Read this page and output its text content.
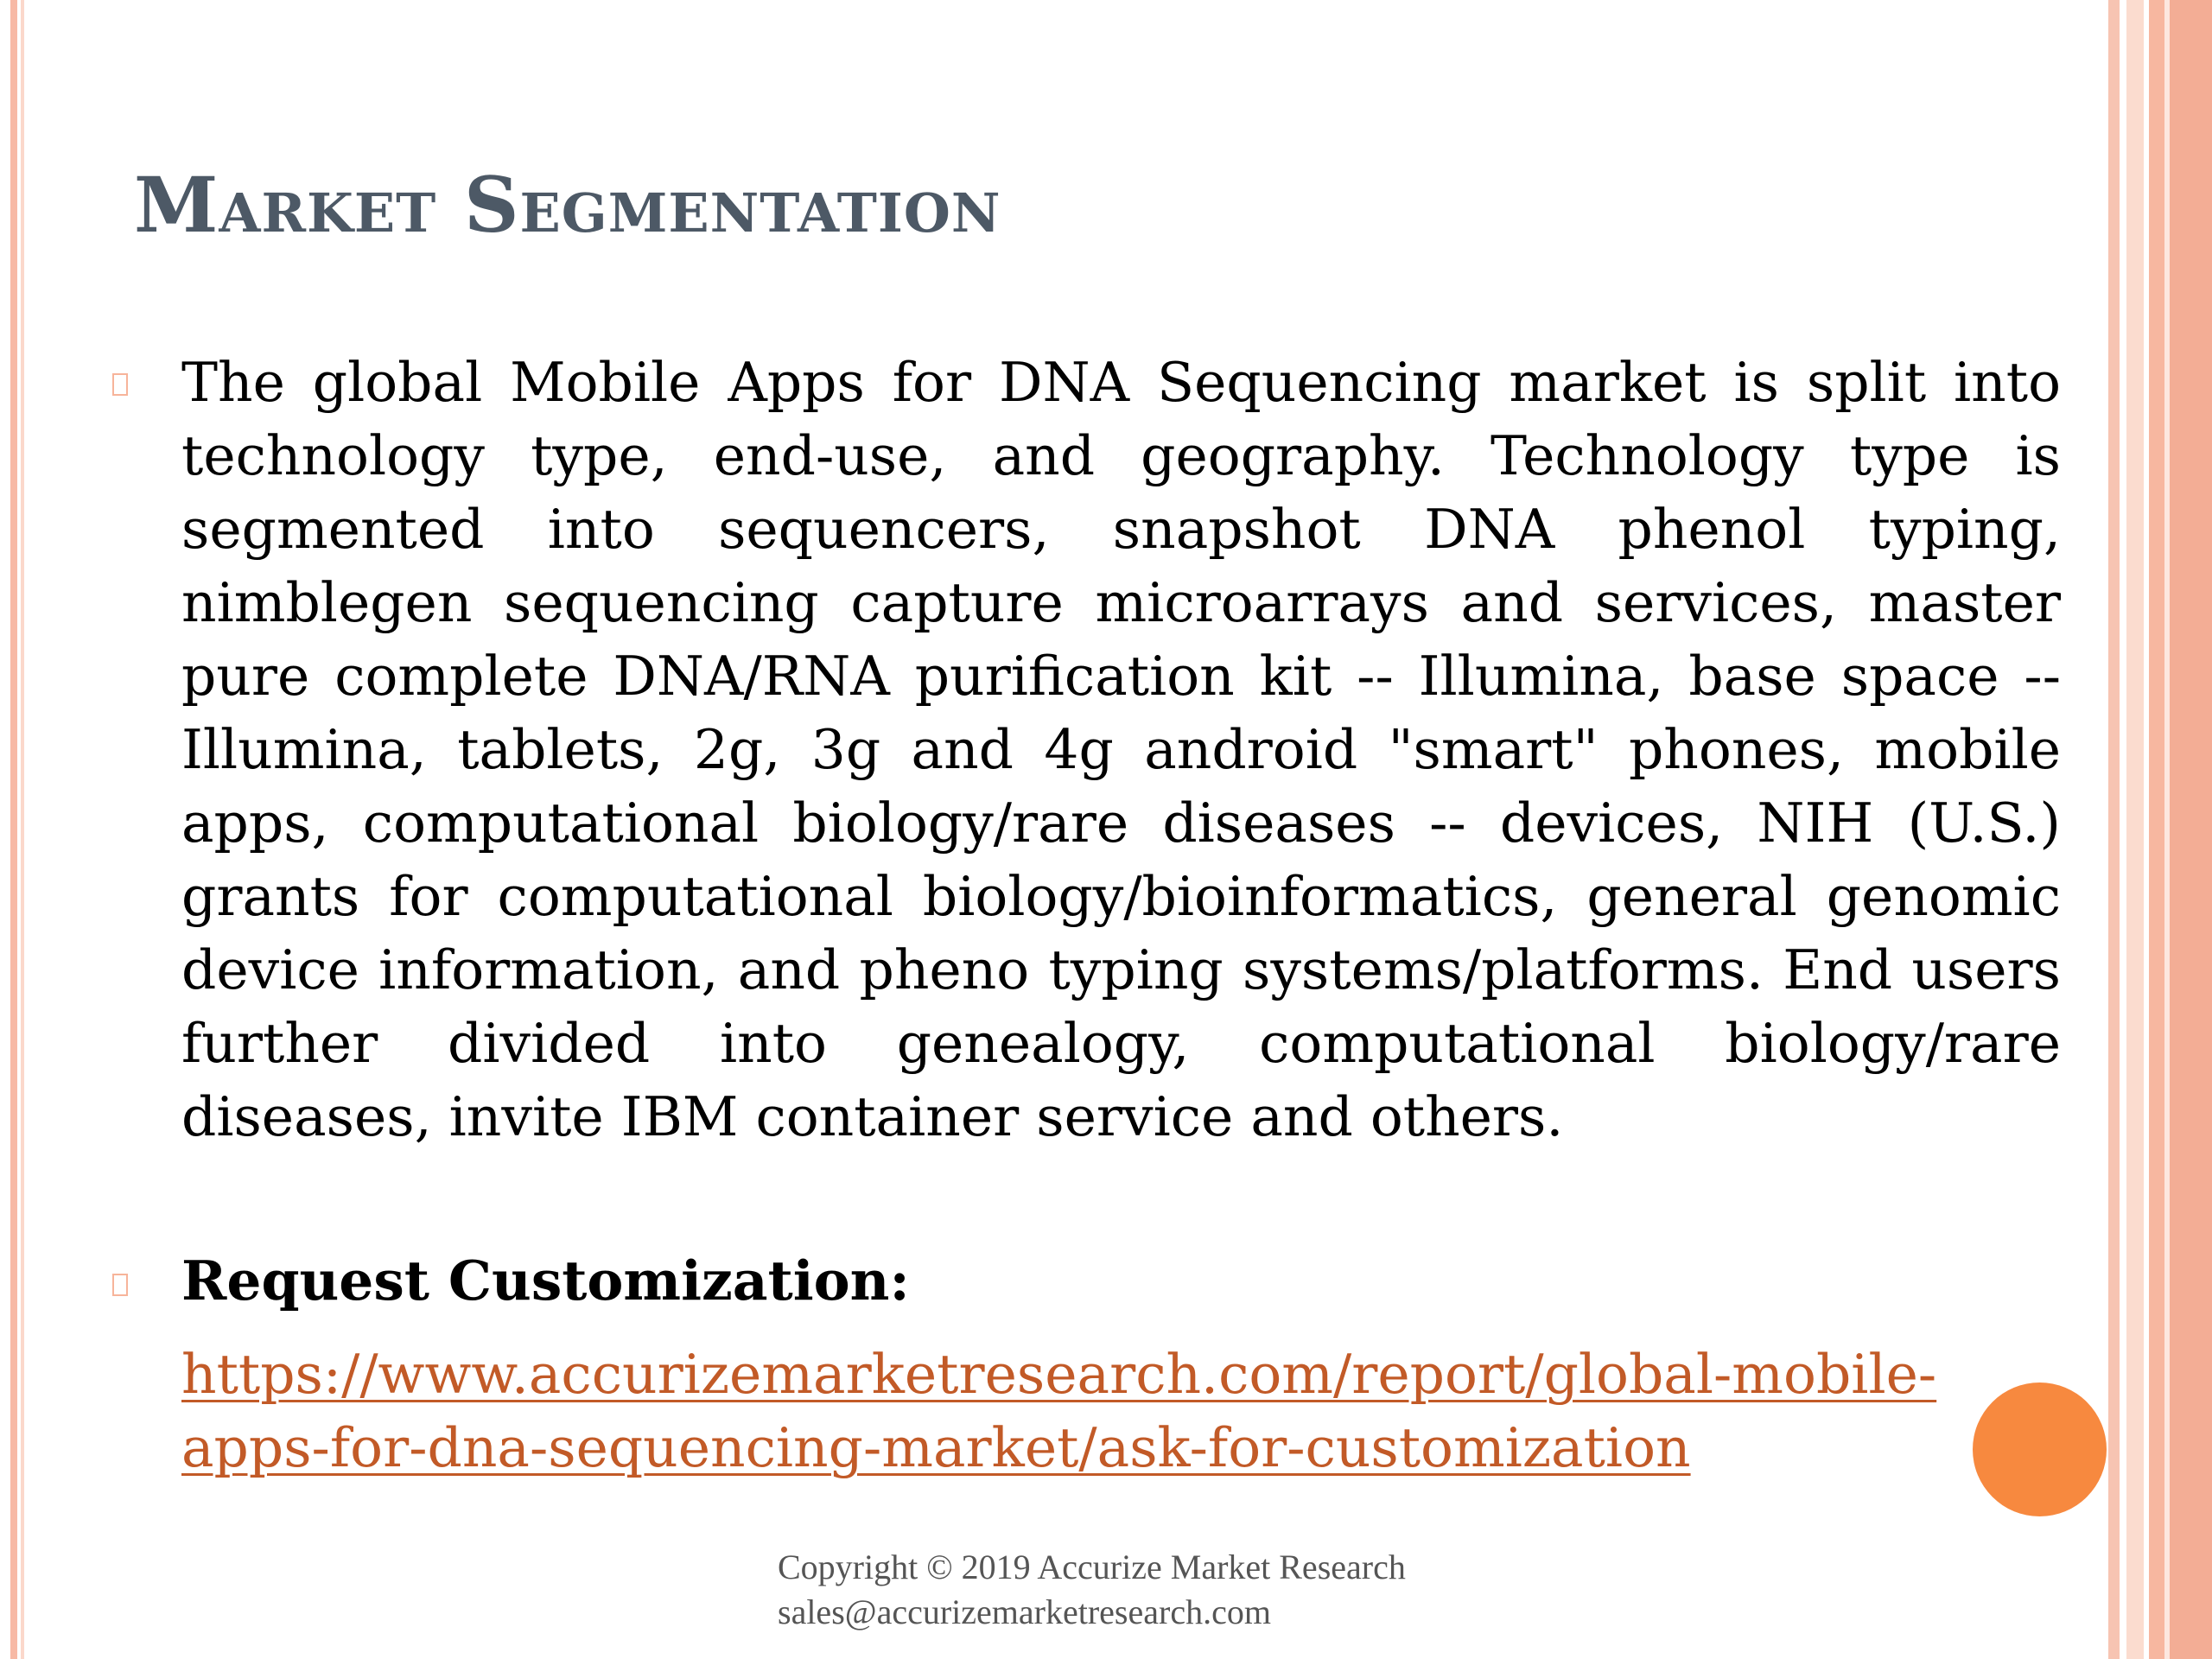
Market Segmentation
The global Mobile Apps for DNA Sequencing market is split into technology type, end-use, and geography. Technology type is segmented into sequencers, snapshot DNA phenol typing, nimblegen sequencing capture microarrays and services, master pure complete DNA/RNA purification kit -- Illumina, base space -- Illumina, tablets, 2g, 3g and 4g android "smart" phones, mobile apps, computational biology/rare diseases -- devices, NIH (U.S.) grants for computational biology/bioinformatics, general genomic device information, and pheno typing systems/platforms. End users further divided into genealogy, computational biology/rare diseases, invite IBM container service and others.
Request Customization:
https://www.accurizemarketresearch.com/report/global-mobile-apps-for-dna-sequencing-market/ask-for-customization
Copyright © 2019 Accurize Market Research
sales@accurizemarketresearch.com
